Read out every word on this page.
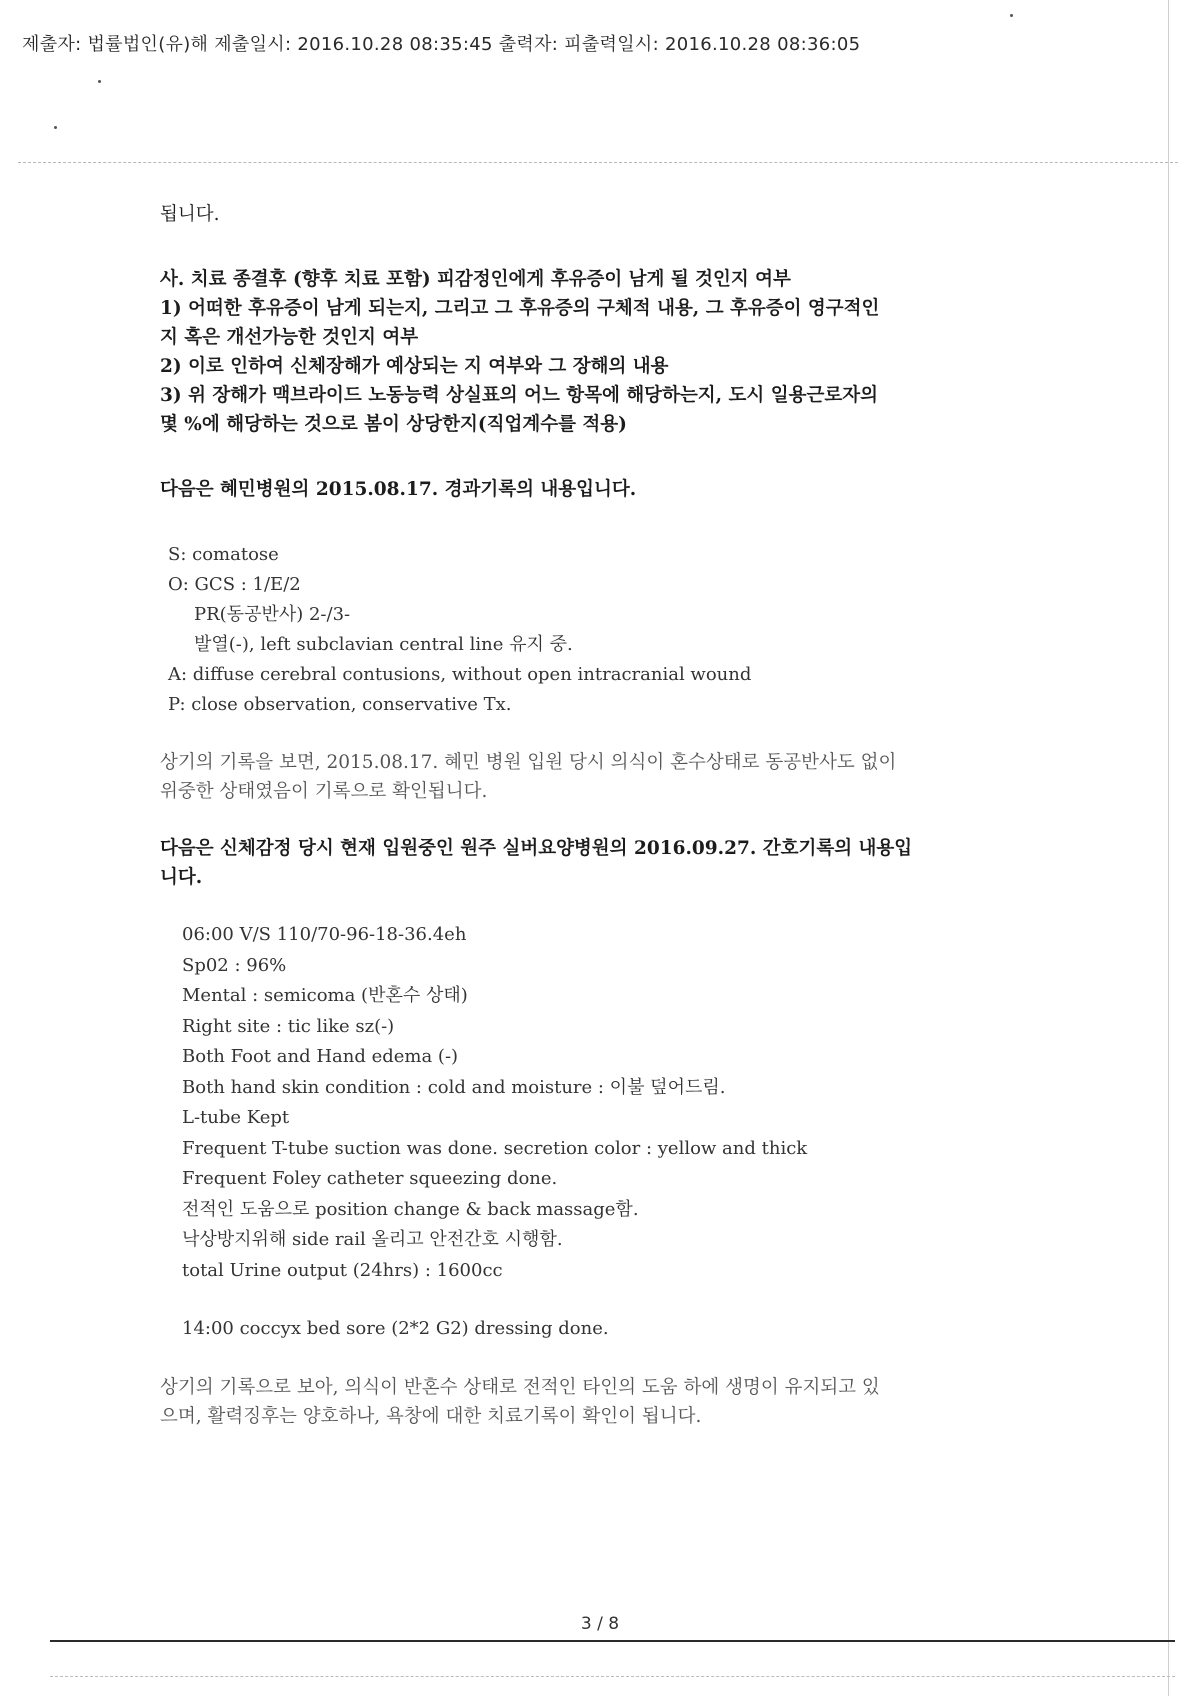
제출자: 법률법인(유)해 제출일시: 2016.10.28 08:35:45 출력자: 피출력일시: 2016.10.28 08:36:05

됩니다.

사. 치료 종결후 (향후 치료 포함) 피감정인에게 후유증이 남게 될 것인지 여부

1) 어떠한 후유증이 남게 되는지, 그리고 그 후유증의 구체적 내용, 그 후유증이 영구적인

지 혹은 개선가능한 것인지 여부

2) 이로 인하여 신체장해가 예상되는 지 여부와 그 장해의 내용

3) 위 장해가 맥브라이드 노동능력 상실표의 어느 항목에 해당하는지, 도시 일용근로자의

몇 %에 해당하는 것으로 봄이 상당한지(직업계수를 적용)

다음은 혜민병원의 2015.08.17. 경과기록의 내용입니다.

S: comatose

O: GCS : 1/E/2

PR(동공반사) 2-/3-

발열(-), left subclavian central line 유지 중.

A: diffuse cerebral contusions, without open intracranial wound

P: close observation, conservative Tx.

상기의 기록을 보면, 2015.08.17. 혜민 병원 입원 당시 의식이 혼수상태로 동공반사도 없이

위중한 상태였음이 기록으로 확인됩니다.

다음은 신체감정 당시 현재 입원중인 원주 실버요양병원의 2016.09.27. 간호기록의 내용입

니다.

06:00 V/S 110/70-96-18-36.4eh

Sp02 : 96%

Mental : semicoma (반혼수 상태)

Right site : tic like sz(-)

Both Foot and Hand edema (-)

Both hand skin condition : cold and moisture : 이불 덮어드림.

L-tube Kept

Frequent T-tube suction was done. secretion color : yellow and thick

Frequent Foley catheter squeezing done.

전적인 도움으로 position change & back massage함.

낙상방지위해 side rail 올리고 안전간호 시행함.

total Urine output (24hrs) : 1600cc

14:00 coccyx bed sore (2*2 G2) dressing done.

상기의 기록으로 보아, 의식이 반혼수 상태로 전적인 타인의 도움 하에 생명이 유지되고 있

으며, 활력징후는 양호하나, 욕창에 대한 치료기록이 확인이 됩니다.

3 / 8
